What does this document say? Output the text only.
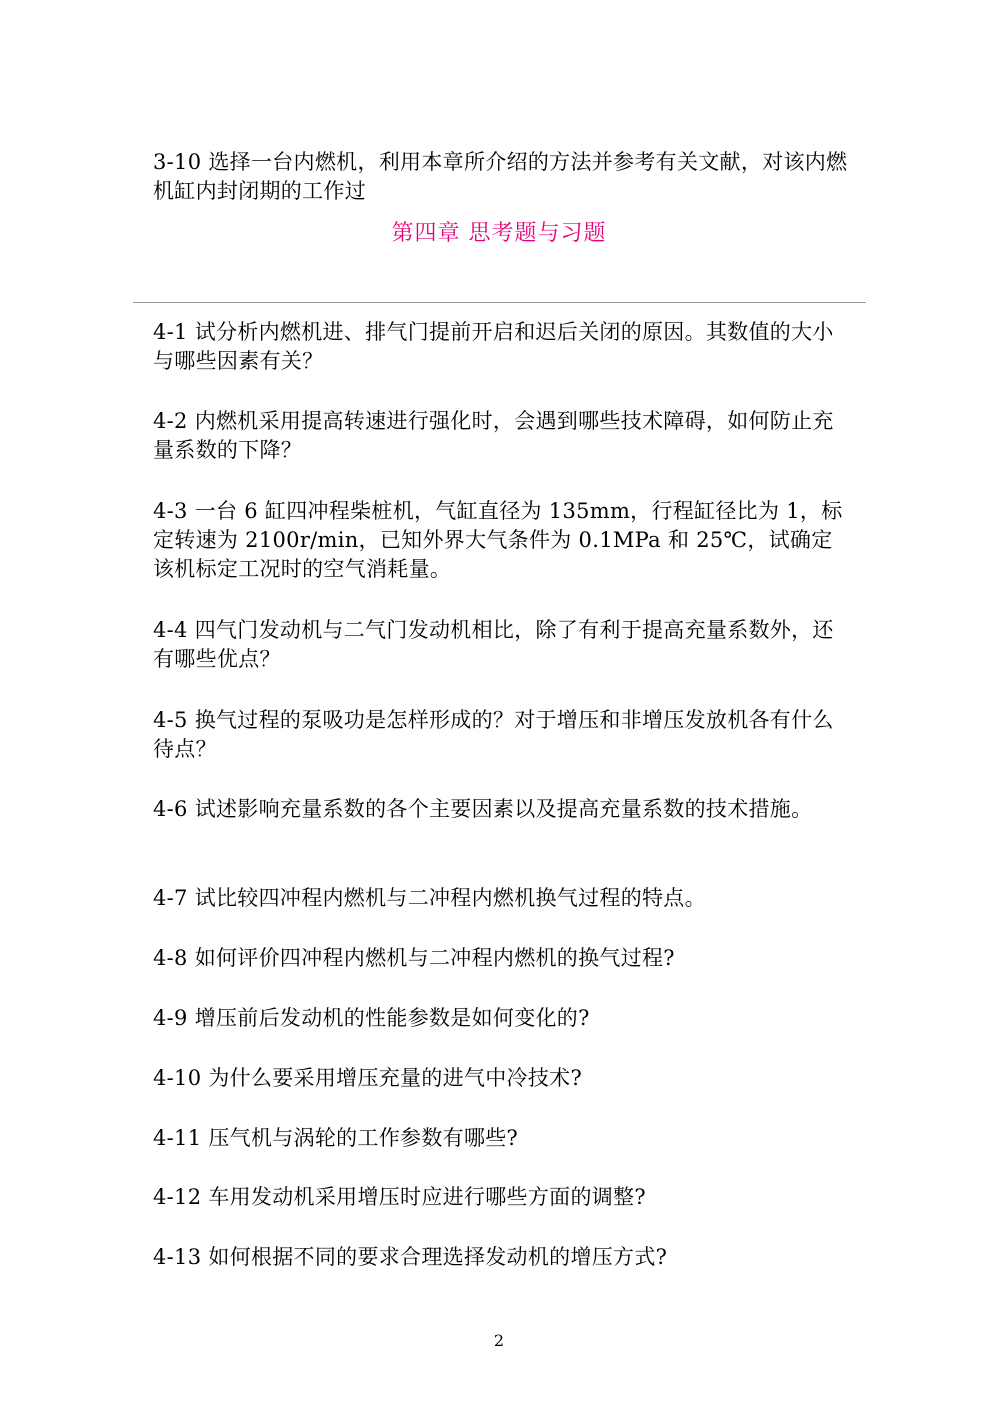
3-10 选择一台内燃机，利用本章所介绍的方法并参考有关文献，对该内燃机缸内封闭期的工作过
第四章 思考题与习题
4-1 试分析内燃机进、排气门提前开启和迟后关闭的原因。其数值的大小与哪些因素有关？
4-2 内燃机采用提高转速进行强化时，会遇到哪些技术障碍，如何防止充量系数的下降？
4-3 一台 6 缸四冲程柴桩机，气缸直径为 135mm，行程缸径比为 1，标定转速为 2100r/min，已知外界大气条件为 0.1MPa 和 25℃，试确定该机标定工况时的空气消耗量。
4-4 四气门发动机与二气门发动机相比，除了有利于提高充量系数外，还有哪些优点？
4-5 换气过程的泵吸功是怎样形成的？对于增压和非增压发放机各有什么待点？
4-6 试述影响充量系数的各个主要因素以及提高充量系数的技术措施。
4-7 试比较四冲程内燃机与二冲程内燃机换气过程的特点。
4-8 如何评价四冲程内燃机与二冲程内燃机的换气过程?
4-9 增压前后发动机的性能参数是如何变化的?
4-10 为什么要采用增压充量的进气中冷技术?
4-11 压气机与涡轮的工作参数有哪些?
4-12 车用发动机采用增压时应进行哪些方面的调整?
4-13 如何根据不同的要求合理选择发动机的增压方式?
2
